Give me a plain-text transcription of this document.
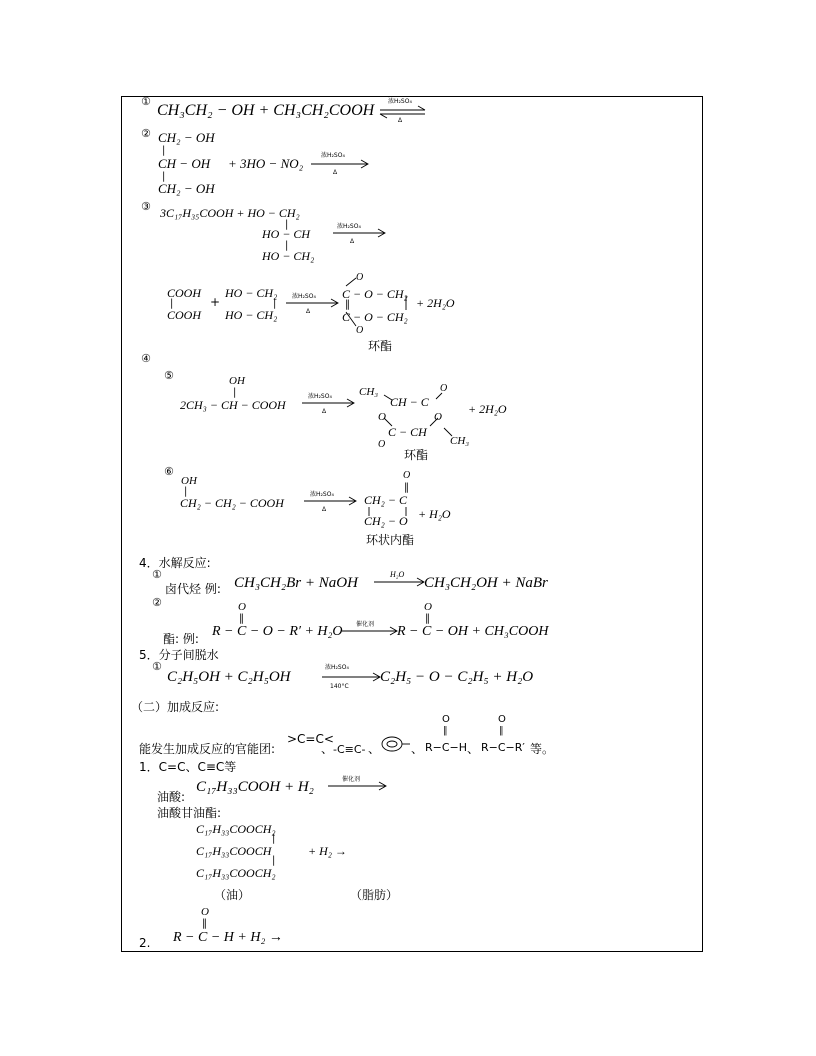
①
CH₃CH₂ − OH + CH₃CH₂COOH
浓H₂SO₄
Δ
② CH₂ − OH
|
CH − OH
|
CH₂ − OH
+ 3HO − NO₂
浓H₂SO₄
Δ
③ 3C₁₇H₃₅COOH + HO − CH₂
|
HO − CH
|
HO − CH₂
浓H₂SO₄
Δ
COOH
|
COOH
+
HO − CH₂
|
HO − CH₂
浓H₂SO₄
Δ
O
C − O − CH₂
‖
C − O − CH₂
O
+ 2H₂O
环酯
④
⑤	OH
|
2CH₃ − CH − COOH
浓H₂SO₄
Δ
CH₃	O
CH − C
O	O
C − CH
O	CH₃
+ 2H₂O
环酯
⑥
OH
|
CH₂ − CH₂ − COOH
浓H₂SO₄
Δ
O
‖
CH₂ − C
CH₂ − O + H₂O
环状内酯
4．水解反应:
①
卤代烃 例: CH₃CH₂Br + NaOH
H₂O
CH₃CH₂OH + NaBr
②	O
‖
酯: 例: R − C − O − R′ + H₂O 催化剂
O
‖
R − C − OH + CH₃COOH
5．分子间脱水
①
C₂H₅OH + C₂H₅OH
浓H₂SO₄
140°C
C₂H₅ − O − C₂H₅ + H₂O
（二）加成反应:
能发生加成反应的官能团:
>C=C<
、 -C≡C- 、	、
O
‖
R−C−H 、
O
‖
R−C−R′ 等。
1．C=C、C≡C等
油酸:
C₁₇H₃₃COOH + H₂	催化剂
油酸甘油酯:
C₁₇H₃₃COOCH₂
|
C₁₇H₃₃COOCH
|
C₁₇H₃₃COOCH₂
+ H₂ →
（油）	（脂肪）
O
‖
2. R − C − H + H₂ →
